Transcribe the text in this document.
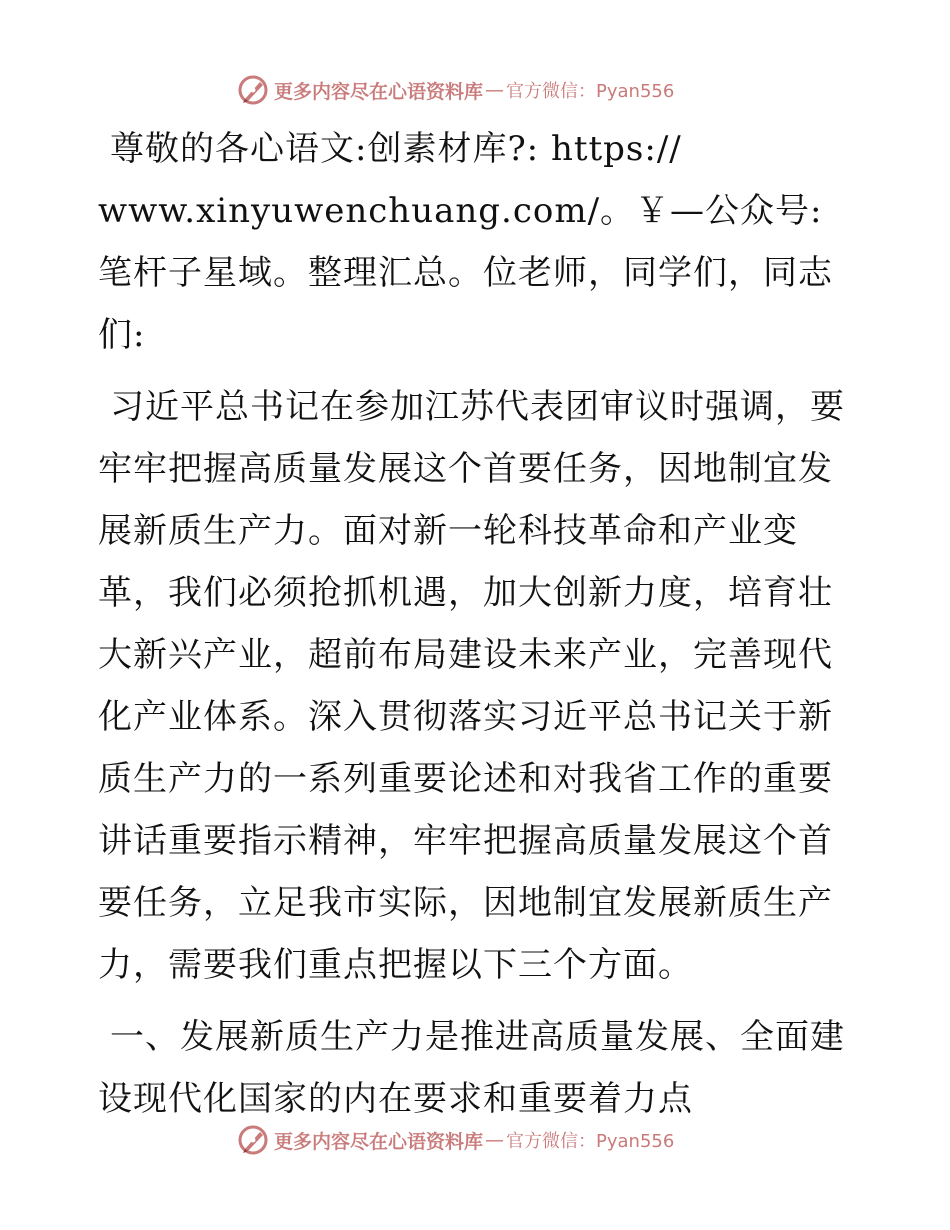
更多内容尽在心语资料库 — 官方微信：Pyan556

尊敬的各心语文:创素材库?: https:// www.xinyuwenchuang.com/。￥—公众号: 笔杆子星域。整理汇总。位老师，同学们，同志们:

习近平总书记在参加江苏代表团审议时强调，要牢牢把握高质量发展这个首要任务，因地制宜发展新质生产力。面对新一轮科技革命和产业变革，我们必须抢抓机遇，加大创新力度，培育壮大新兴产业，超前布局建设未来产业，完善现代化产业体系。深入贯彻落实习近平总书记关于新质生产力的一系列重要论述和对我省工作的重要讲话重要指示精神，牢牢把握高质量发展这个首要任务，立足我市实际，因地制宜发展新质生产力，需要我们重点把握以下三个方面。

一、发展新质生产力是推进高质量发展、全面建设现代化国家的内在要求和重要着力点

更多内容尽在心语资料库 — 官方微信：Pyan556
